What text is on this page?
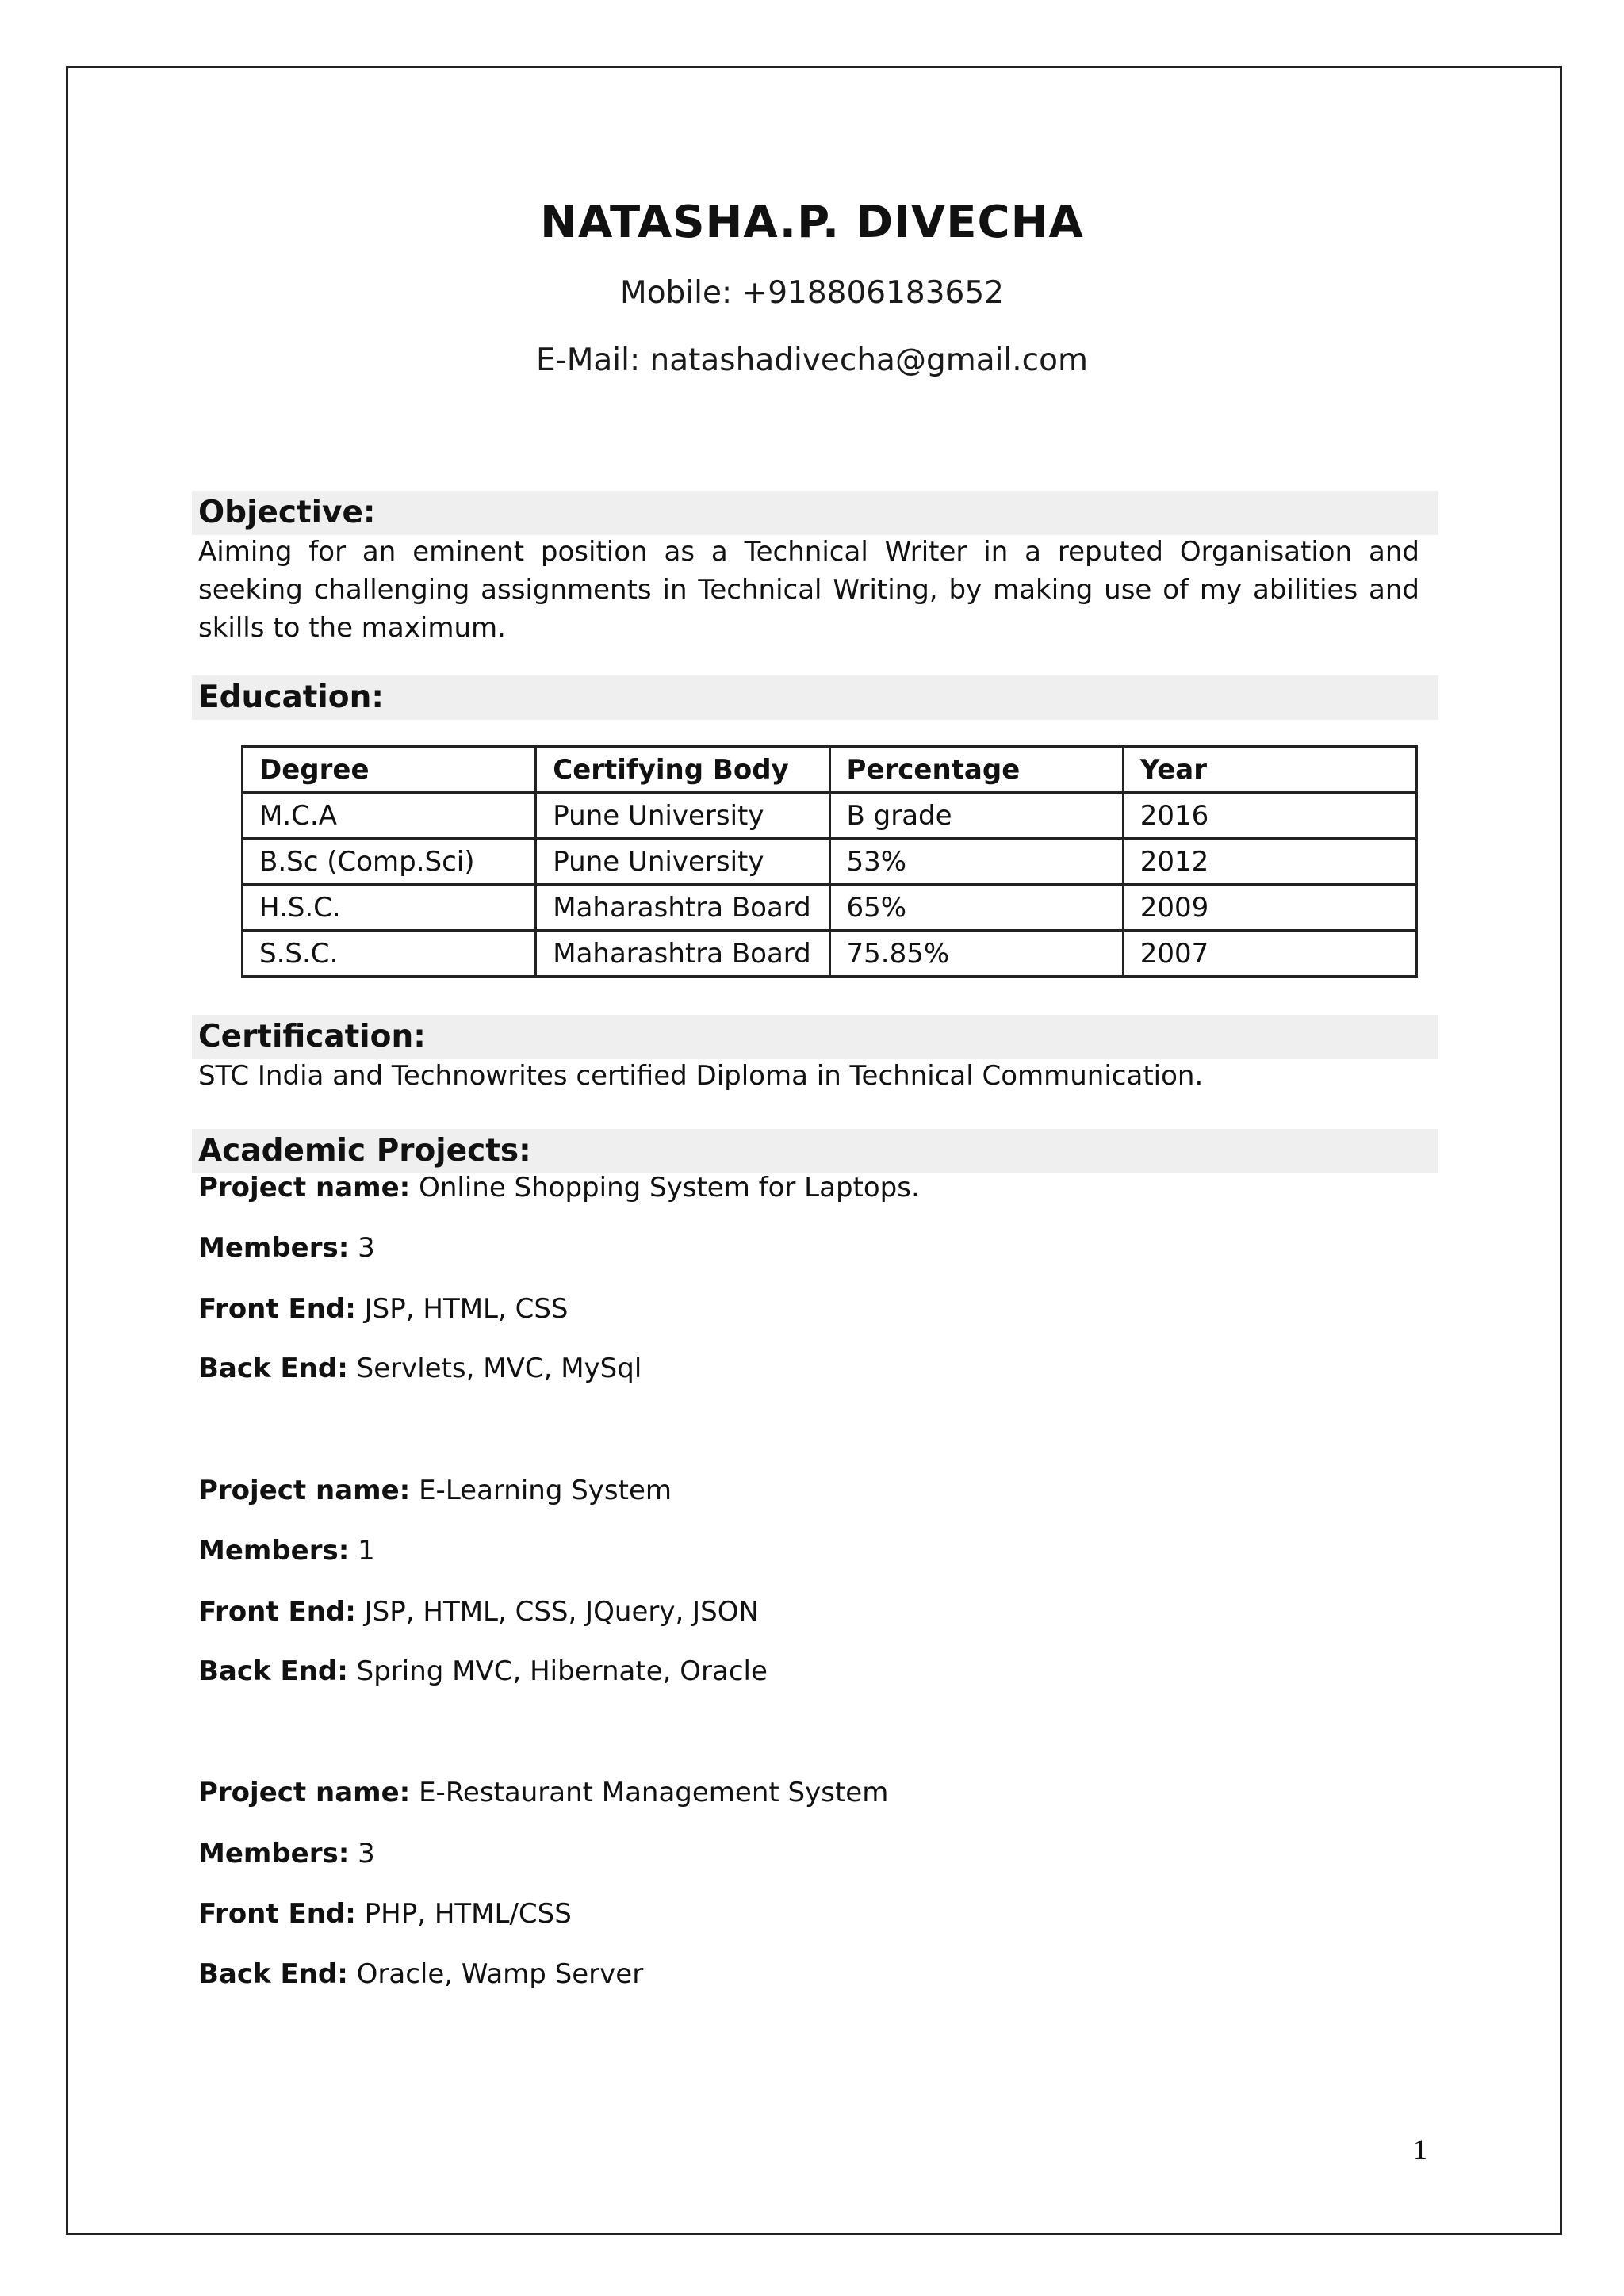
NATASHA.P. DIVECHA
Mobile: +918806183652
E-Mail: natashadivecha@gmail.com
Objective:
Aiming for an eminent position as a Technical Writer in a reputed Organisation and seeking challenging assignments in Technical Writing, by making use of my abilities and skills to the maximum.
Education:
Degree	Certifying Body	Percentage	Year
M.C.A	Pune University	B grade	2016
B.Sc (Comp.Sci)	Pune University	53%	2012
H.S.C.	Maharashtra Board	65%	2009
S.S.C.	Maharashtra Board	75.85%	2007
Certification:
STC India and Technowrites certified Diploma in Technical Communication.
Academic Projects:
Project name: Online Shopping System for Laptops.
Members: 3
Front End: JSP, HTML, CSS
Back End: Servlets, MVC, MySql
Project name: E-Learning System
Members: 1
Front End: JSP, HTML, CSS, JQuery, JSON
Back End: Spring MVC, Hibernate, Oracle
Project name: E-Restaurant Management System
Members: 3
Front End: PHP, HTML/CSS
Back End: Oracle, Wamp Server
1
